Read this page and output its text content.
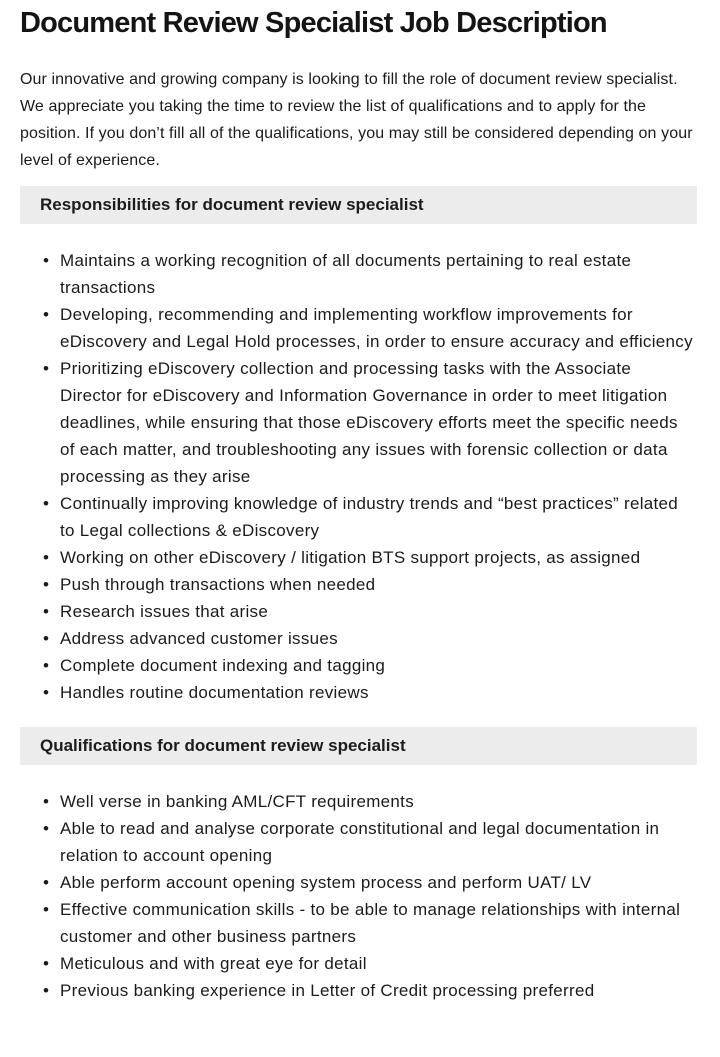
Document Review Specialist Job Description

Our innovative and growing company is looking to fill the role of document review specialist. We appreciate you taking the time to review the list of qualifications and to apply for the position. If you don’t fill all of the qualifications, you may still be considered depending on your level of experience.

Responsibilities for document review specialist
• Maintains a working recognition of all documents pertaining to real estate transactions
• Developing, recommending and implementing workflow improvements for eDiscovery and Legal Hold processes, in order to ensure accuracy and efficiency
• Prioritizing eDiscovery collection and processing tasks with the Associate Director for eDiscovery and Information Governance in order to meet litigation deadlines, while ensuring that those eDiscovery efforts meet the specific needs of each matter, and troubleshooting any issues with forensic collection or data processing as they arise
• Continually improving knowledge of industry trends and “best practices” related to Legal collections & eDiscovery
• Working on other eDiscovery / litigation BTS support projects, as assigned
• Push through transactions when needed
• Research issues that arise
• Address advanced customer issues
• Complete document indexing and tagging
• Handles routine documentation reviews
Qualifications for document review specialist
• Well verse in banking AML/CFT requirements
• Able to read and analyse corporate constitutional and legal documentation in relation to account opening
• Able perform account opening system process and perform UAT/ LV
• Effective communication skills - to be able to manage relationships with internal customer and other business partners
• Meticulous and with great eye for detail
• Previous banking experience in Letter of Credit processing preferred
